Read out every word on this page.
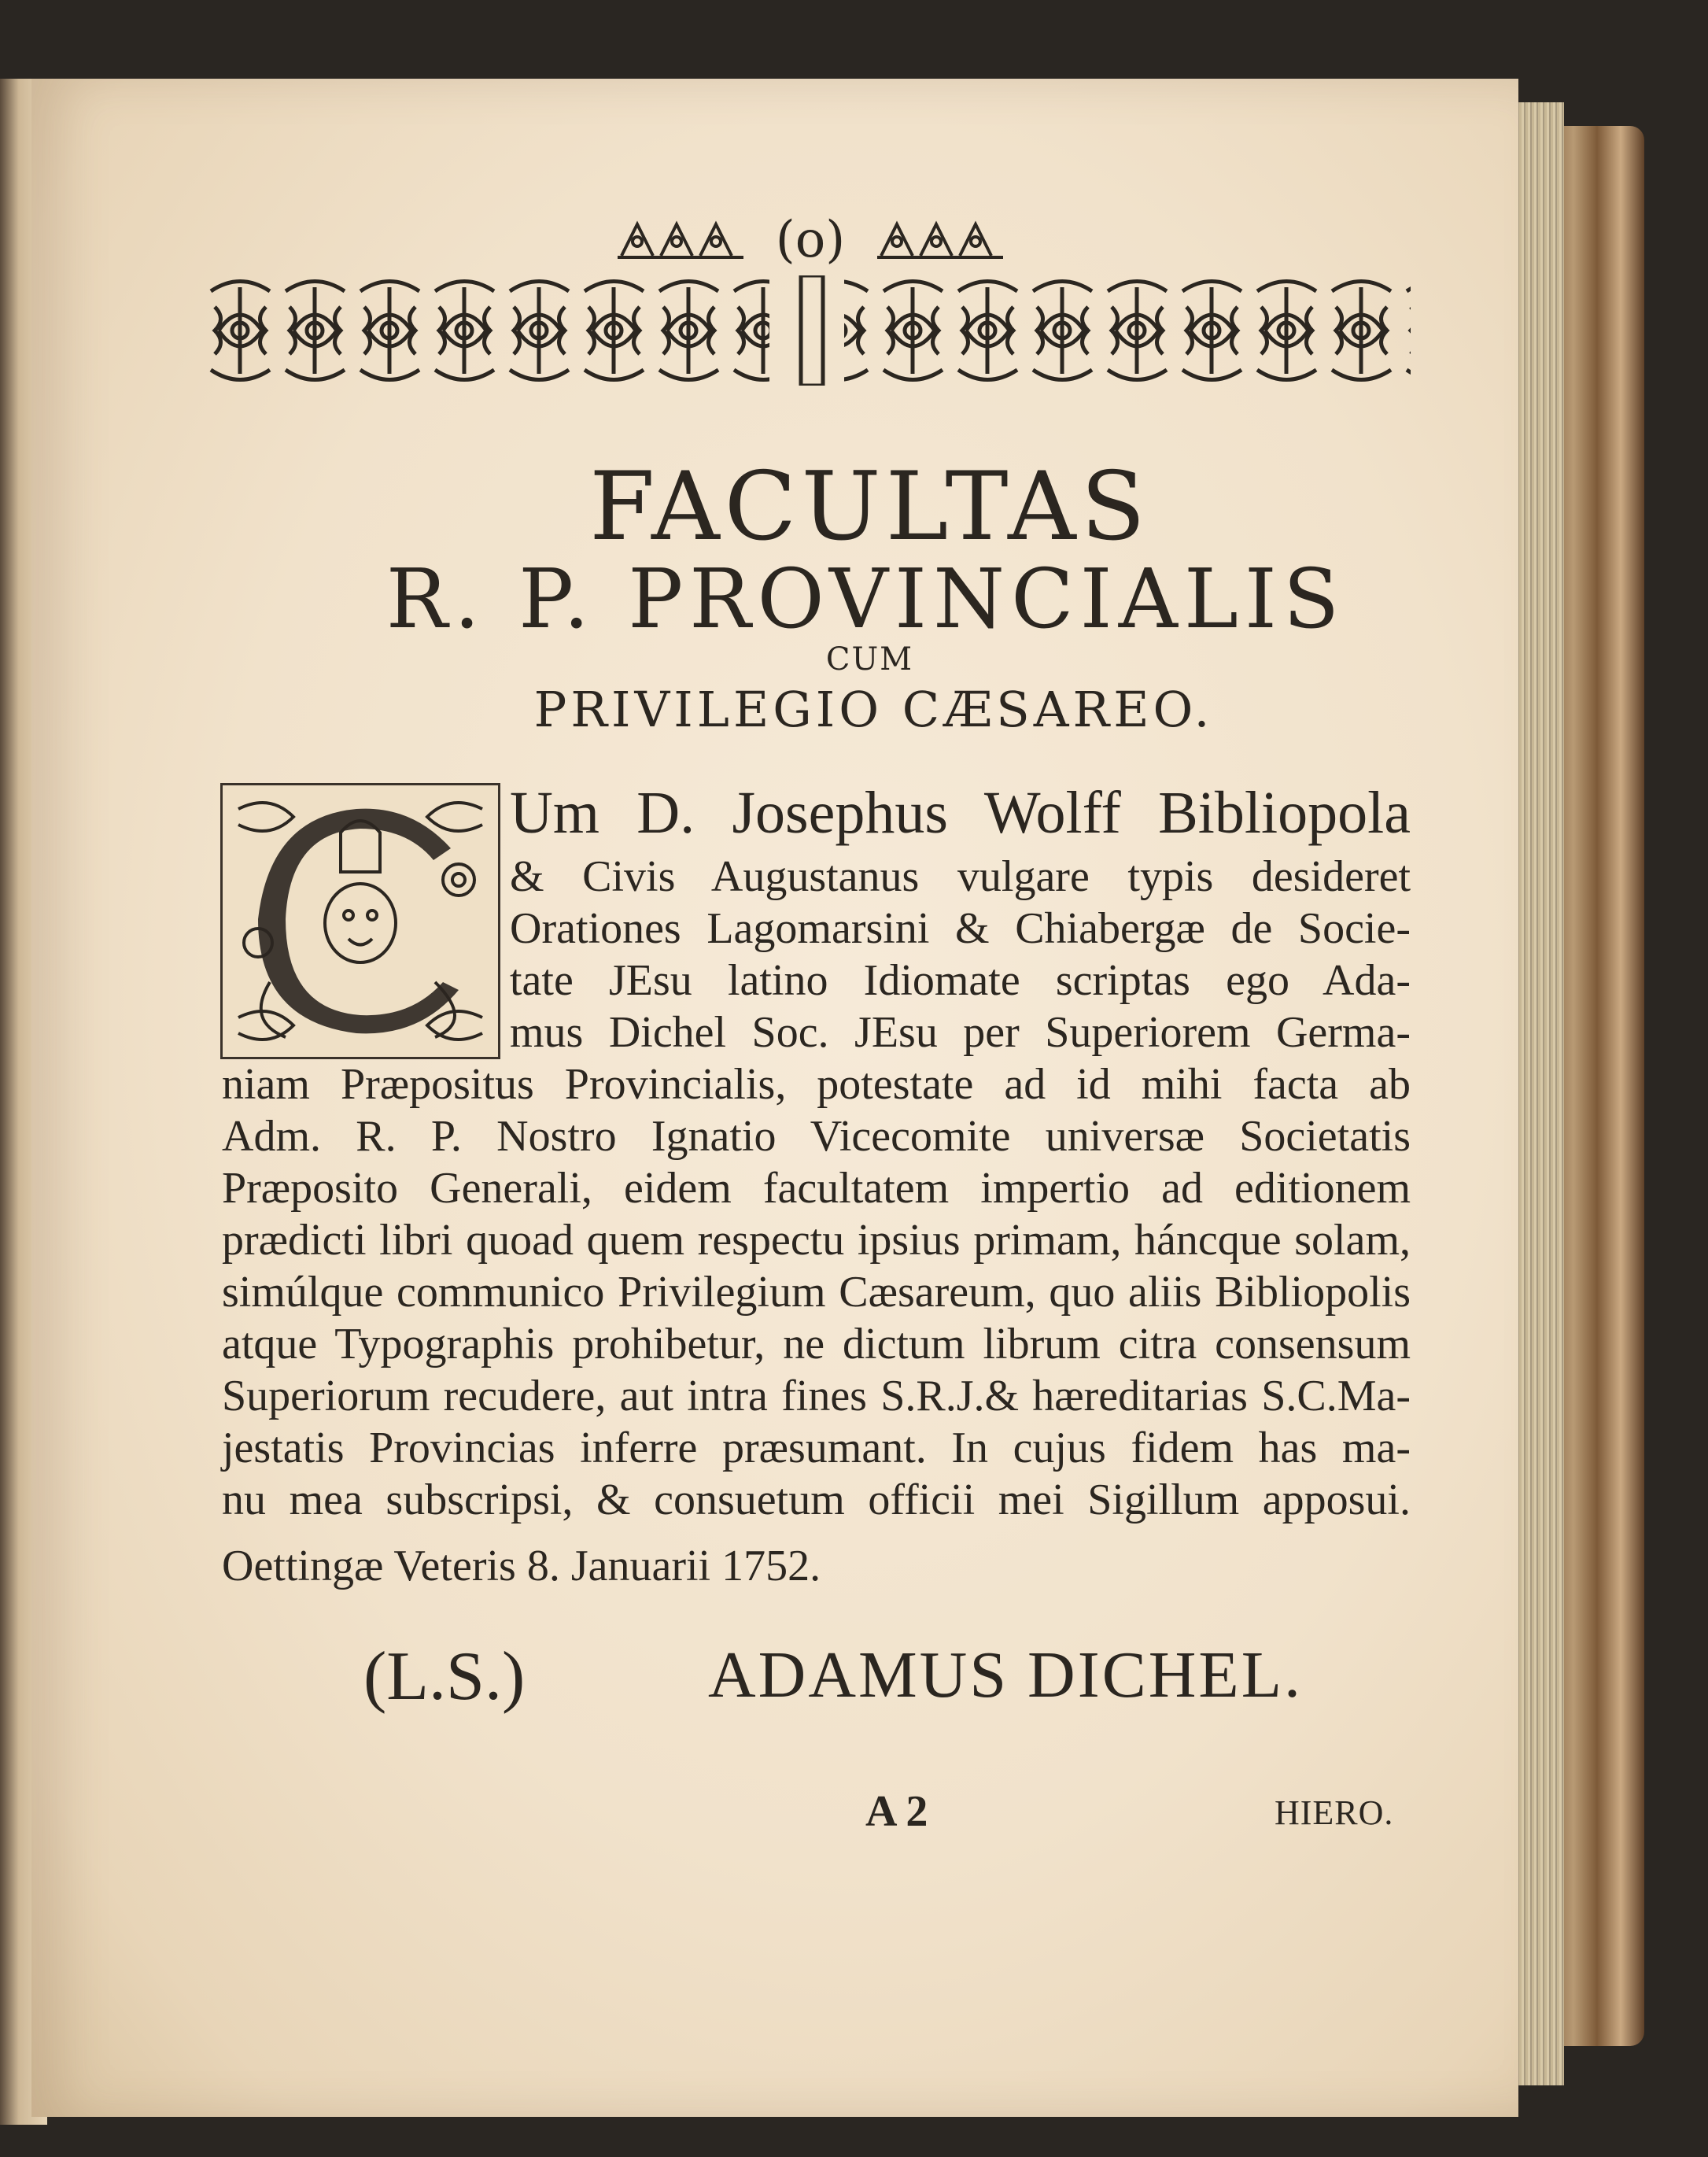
(o)
FACULTAS
R. P. PROVINCIALIS
CUM
PRIVILEGIO CÆSAREO.
Um D. Josephus Wolff Bibliopola
& Civis Augustanus vulgare typis desideret
Orationes Lagomarsini & Chiabergæ de Socie-
tate JEsu latino Idiomate scriptas ego Ada-
mus Dichel Soc. JEsu per Superiorem Germa-
niam Præpositus Provincialis, potestate ad id mihi facta ab
Adm. R. P. Nostro Ignatio Vicecomite universæ Societatis
Præposito Generali, eidem facultatem impertio ad editionem
prædicti libri quoad quem respectu ipsius primam, háncque solam,
simúlque communico Privilegium Cæsareum, quo aliis Bibliopolis
atque Typographis prohibetur, ne dictum librum citra consensum
Superiorum recudere, aut intra fines S.R.J.& hæreditarias S.C.Ma-
jestatis Provincias inferre præsumant. In cujus fidem has ma-
nu mea subscripsi, & consuetum officii mei Sigillum apposui.
Oettingæ Veteris 8. Januarii 1752.
(L.S.)	ADAMUS DICHEL.
A 2	HIERO.
